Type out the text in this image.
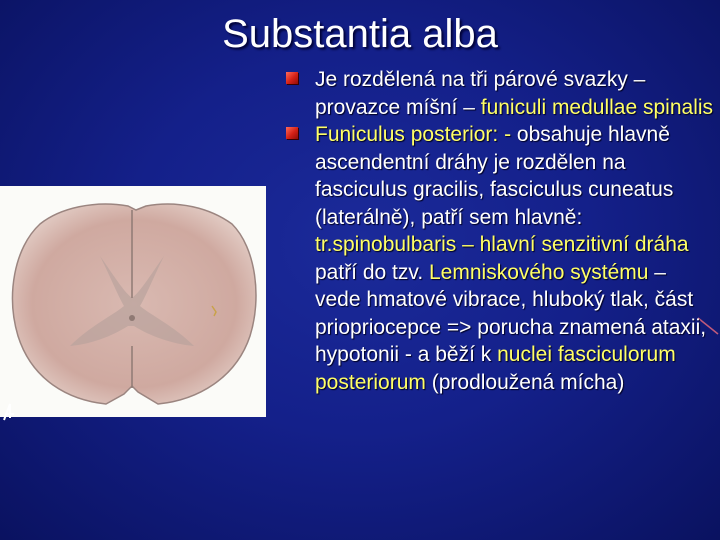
Substantia alba

Je rozdělená na tři párové svazky – provazce míšní – funiculi medullae spinalis

Funiculus posterior: - obsahuje hlavně ascendentní dráhy je rozdělen na fasciculus gracilis, fasciculus cuneatus (laterálně), patří sem hlavně: tr.spinobulbaris – hlavní senzitivní dráha patří do tzv. Lemniskového systému – vede hmatové vibrace, hluboký tlak, část priopriocepce => porucha znamená ataxii, hypotonii - a běží k nuclei fasciculorum posteriorum (prodloužená mícha)
